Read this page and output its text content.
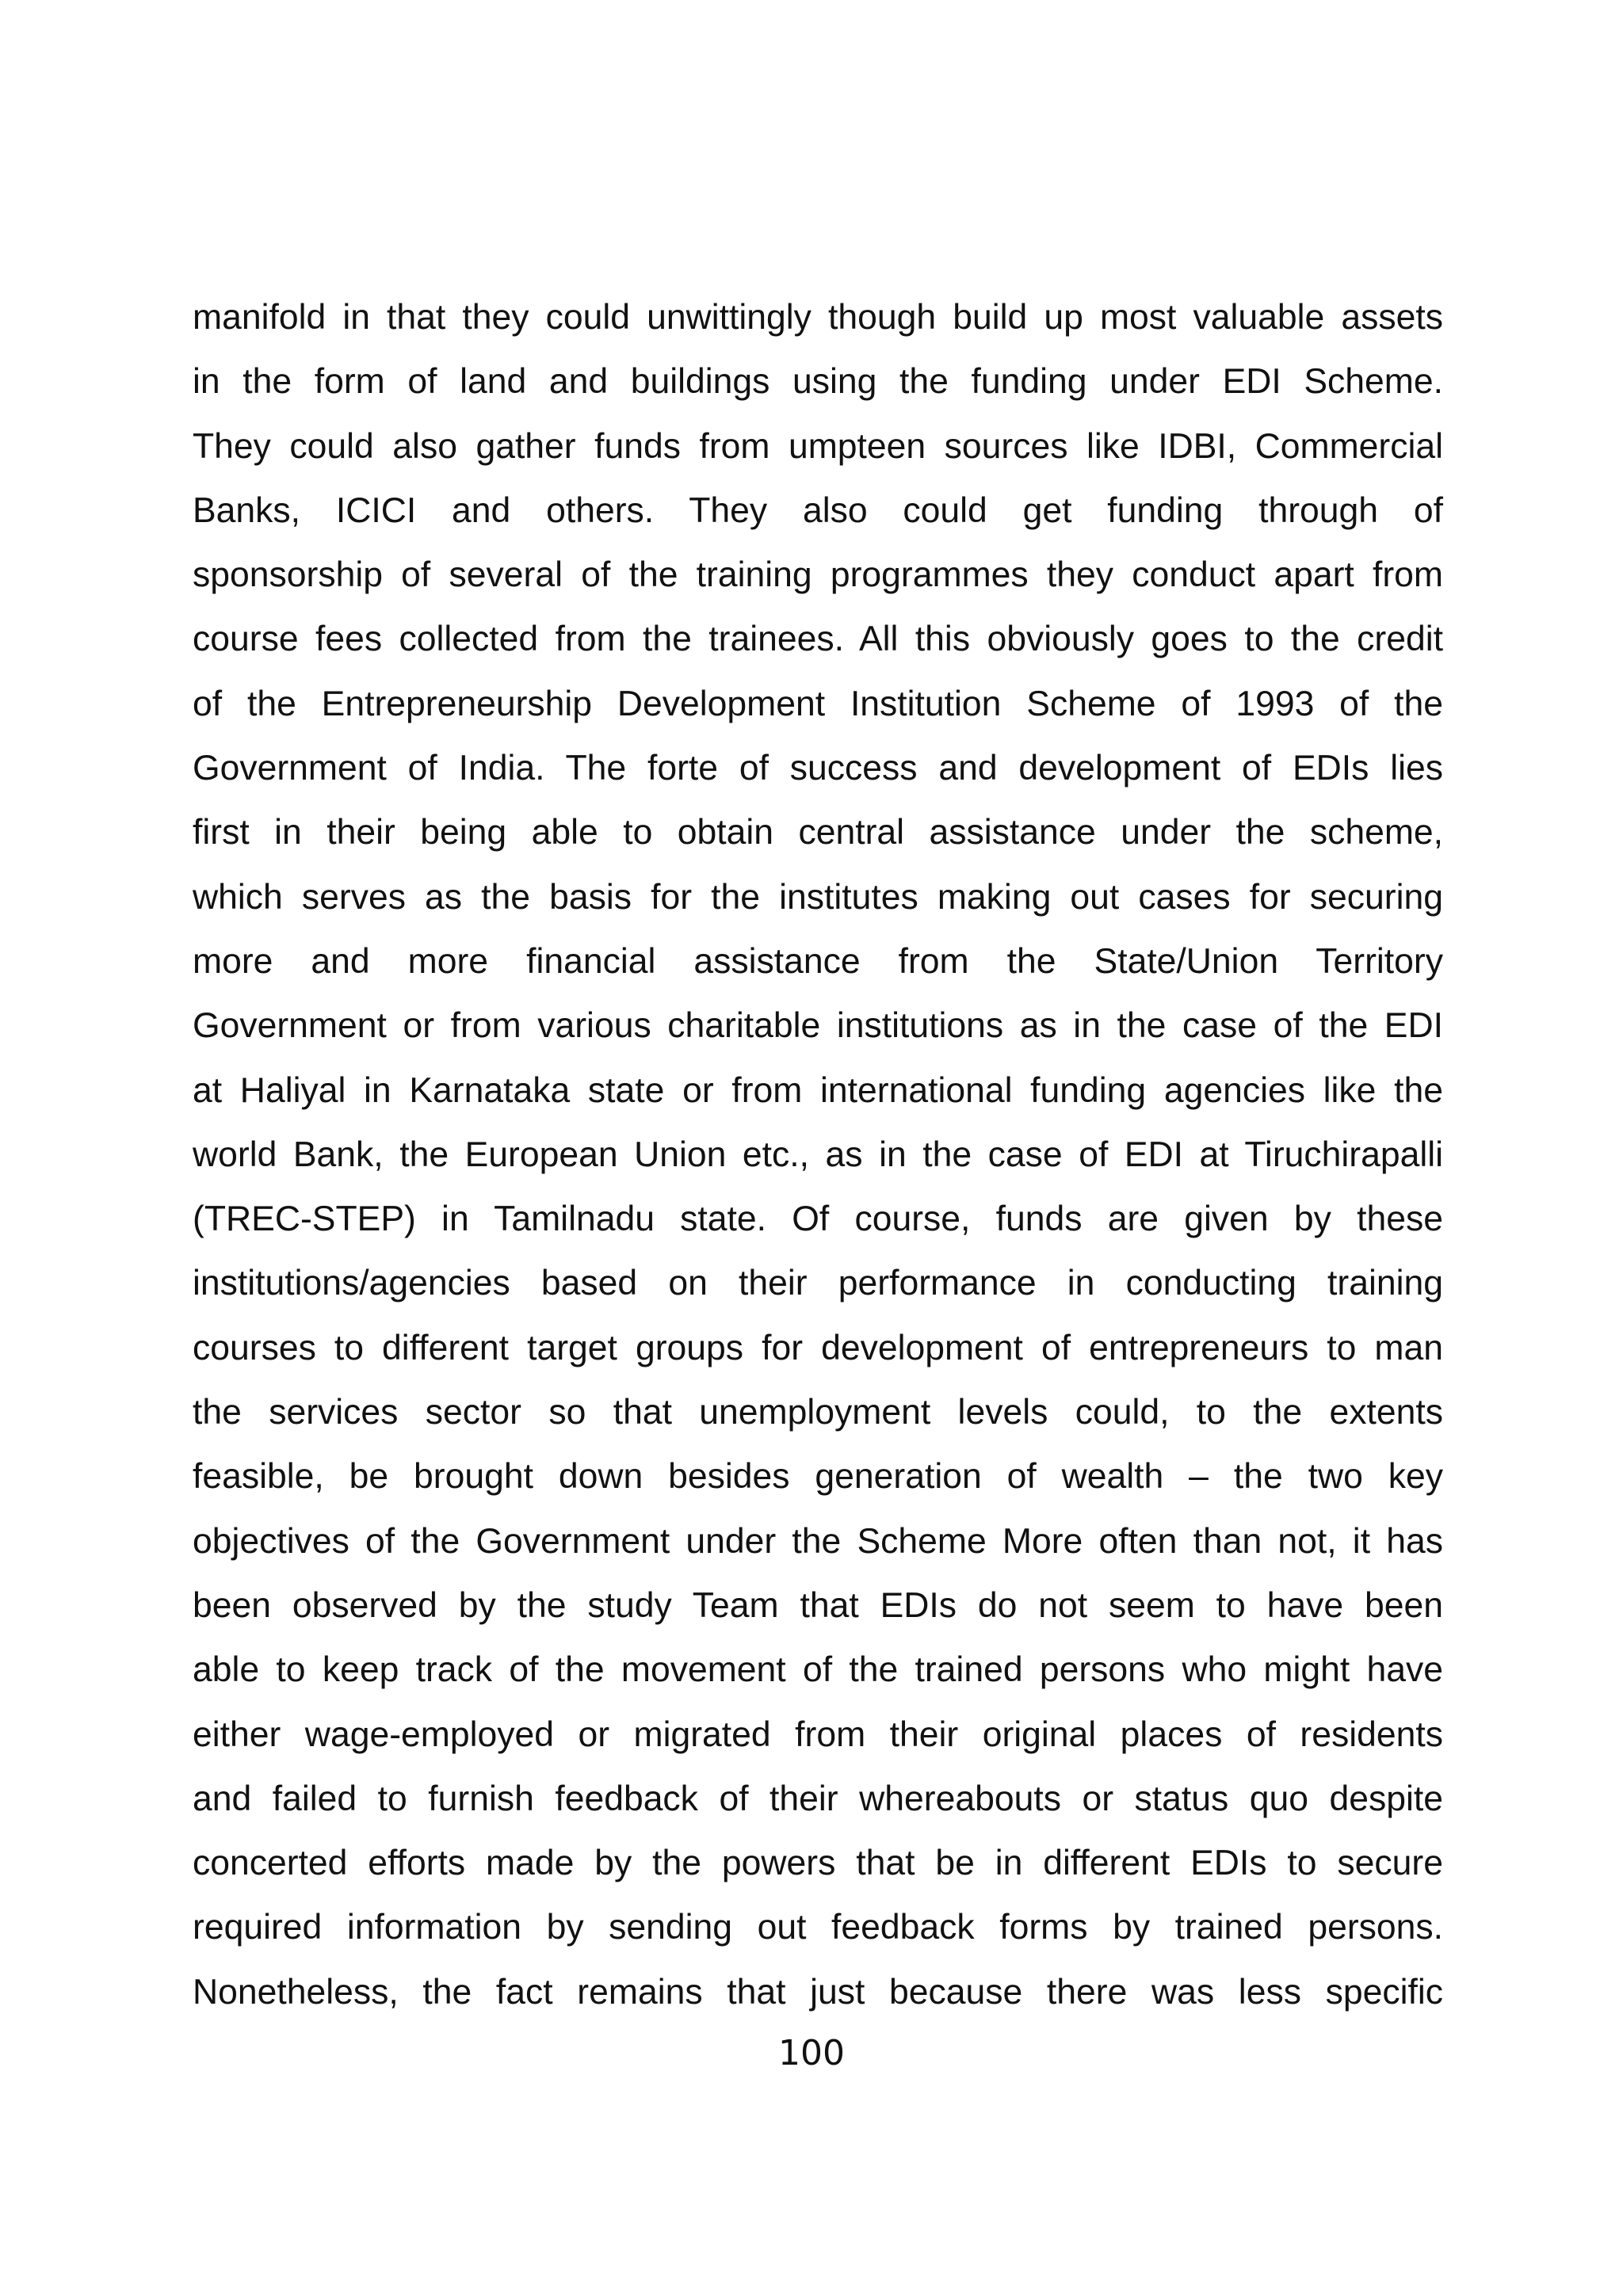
manifold in that they could unwittingly though build up most valuable assets
in the form of land and buildings using the funding under EDI Scheme.
They could also gather funds from umpteen sources like IDBI, Commercial
Banks, ICICI and others. They also could get funding through of
sponsorship of several of the training programmes they conduct apart from
course fees collected from the trainees. All this obviously goes to the credit
of the Entrepreneurship Development Institution Scheme of 1993 of the
Government of India. The forte of success and development of EDIs lies
first in their being able to obtain central assistance under the scheme,
which serves as the basis for the institutes making out cases for securing
more and more financial assistance from the State/Union Territory
Government or from various charitable institutions as in the case of the EDI
at Haliyal in Karnataka state or from international funding agencies like the
world Bank, the European Union etc., as in the case of EDI at Tiruchirapalli
(TREC-STEP) in Tamilnadu state. Of course, funds are given by these
institutions/agencies based on their performance in conducting training
courses to different target groups for development of entrepreneurs to man
the services sector so that unemployment levels could, to the extents
feasible, be brought down besides generation of wealth – the two key
objectives of the Government under the Scheme More often than not, it has
been observed by the study Team that EDIs do not seem to have been
able to keep track of the movement of the trained persons who might have
either wage-employed or migrated from their original places of residents
and failed to furnish feedback of their whereabouts or status quo despite
concerted efforts made by the powers that be in different EDIs to secure
required information by sending out feedback forms by trained persons.
Nonetheless, the fact remains that just because there was less specific

100
